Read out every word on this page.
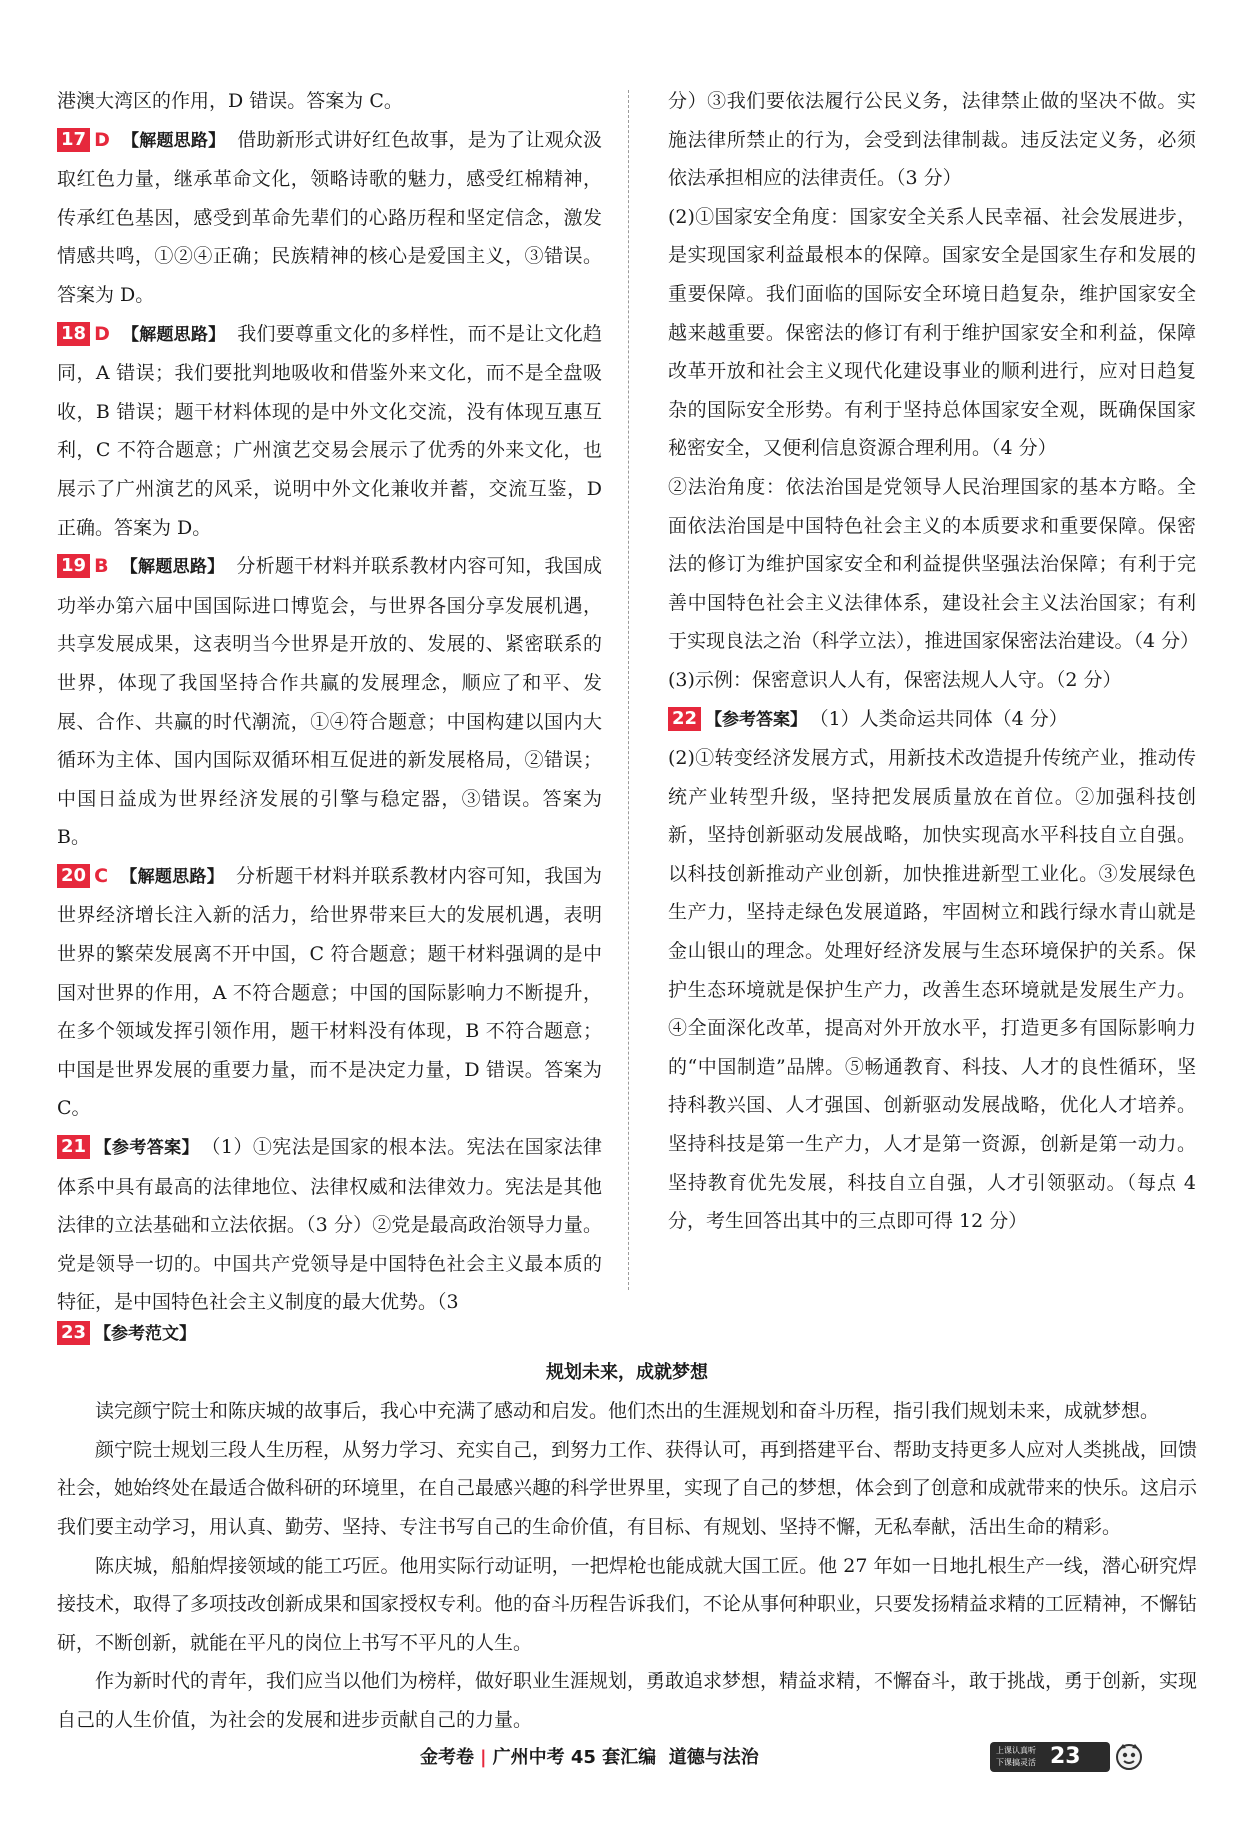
港澳大湾区的作用，D 错误。答案为 C。

17 D 【解题思路】 借助新形式讲好红色故事，是为了让观众汲取红色力量，继承革命文化，领略诗歌的魅力，感受红棉精神，传承红色基因，感受到革命先辈们的心路历程和坚定信念，激发情感共鸣，①②④正确；民族精神的核心是爱国主义，③错误。答案为 D。
18 D 【解题思路】 我们要尊重文化的多样性，而不是让文化趋同，A 错误；我们要批判地吸收和借鉴外来文化，而不是全盘吸收，B 错误；题干材料体现的是中外文化交流，没有体现互惠互利，C 不符合题意；广州演艺交易会展示了优秀的外来文化，也展示了广州演艺的风采，说明中外文化兼收并蓄，交流互鉴，D 正确。答案为 D。
19 B 【解题思路】 分析题干材料并联系教材内容可知，我国成功举办第六届中国国际进口博览会，与世界各国分享发展机遇，共享发展成果，这表明当今世界是开放的、发展的、紧密联系的世界，体现了我国坚持合作共赢的发展理念，顺应了和平、发展、合作、共赢的时代潮流，①④符合题意；中国构建以国内大循环为主体、国内国际双循环相互促进的新发展格局，②错误；中国日益成为世界经济发展的引擎与稳定器，③错误。答案为 B。
20 C 【解题思路】 分析题干材料并联系教材内容可知，我国为世界经济增长注入新的活力，给世界带来巨大的发展机遇，表明世界的繁荣发展离不开中国，C 符合题意；题干材料强调的是中国对世界的作用，A 不符合题意；中国的国际影响力不断提升，在多个领域发挥引领作用，题干材料没有体现，B 不符合题意；中国是世界发展的重要力量，而不是决定力量，D 错误。答案为 C。
21 【参考答案】 （1）①宪法是国家的根本法。宪法在国家法律体系中具有最高的法律地位、法律权威和法律效力。宪法是其他法律的立法基础和立法依据。（3 分）②党是最高政治领导力量。党是领导一切的。中国共产党领导是中国特色社会主义最本质的特征，是中国特色社会主义制度的最大优势。（3

分）③我们要依法履行公民义务，法律禁止做的坚决不做。实施法律所禁止的行为，会受到法律制裁。违反法定义务，必须依法承担相应的法律责任。（3 分）

(2)①国家安全角度：国家安全关系人民幸福、社会发展进步，是实现国家利益最根本的保障。国家安全是国家生存和发展的重要保障。我们面临的国际安全环境日趋复杂，维护国家安全越来越重要。保密法的修订有利于维护国家安全和利益，保障改革开放和社会主义现代化建设事业的顺利进行，应对日趋复杂的国际安全形势。有利于坚持总体国家安全观，既确保国家秘密安全，又便利信息资源合理利用。（4 分）

②法治角度：依法治国是党领导人民治理国家的基本方略。全面依法治国是中国特色社会主义的本质要求和重要保障。保密法的修订为维护国家安全和利益提供坚强法治保障；有利于完善中国特色社会主义法律体系，建设社会主义法治国家；有利于实现良法之治（科学立法），推进国家保密法治建设。（4 分）

(3)示例：保密意识人人有，保密法规人人守。（2 分）

22 【参考答案】 （1）人类命运共同体（4 分）

(2)①转变经济发展方式，用新技术改造提升传统产业，推动传统产业转型升级，坚持把发展质量放在首位。②加强科技创新，坚持创新驱动发展战略，加快实现高水平科技自立自强。以科技创新推动产业创新，加快推进新型工业化。③发展绿色生产力，坚持走绿色发展道路，牢固树立和践行绿水青山就是金山银山的理念。处理好经济发展与生态环境保护的关系。保护生态环境就是保护生产力，改善生态环境就是发展生产力。④全面深化改革，提高对外开放水平，打造更多有国际影响力的“中国制造”品牌。⑤畅通教育、科技、人才的良性循环，坚持科教兴国、人才强国、创新驱动发展战略，优化人才培养。坚持科技是第一生产力，人才是第一资源，创新是第一动力。坚持教育优先发展，科技自立自强，人才引领驱动。（每点 4 分，考生回答出其中的三点即可得 12 分）

23 【参考范文】

规划未来，成就梦想

读完颜宁院士和陈庆城的故事后，我心中充满了感动和启发。他们杰出的生涯规划和奋斗历程，指引我们规划未来，成就梦想。

颜宁院士规划三段人生历程，从努力学习、充实自己，到努力工作、获得认可，再到搭建平台、帮助支持更多人应对人类挑战，回馈社会，她始终处在最适合做科研的环境里，在自己最感兴趣的科学世界里，实现了自己的梦想，体会到了创意和成就带来的快乐。这启示我们要主动学习，用认真、勤劳、坚持、专注书写自己的生命价值，有目标、有规划、坚持不懈，无私奉献，活出生命的精彩。

陈庆城，船舶焊接领域的能工巧匠。他用实际行动证明，一把焊枪也能成就大国工匠。他 27 年如一日地扎根生产一线，潜心研究焊接技术，取得了多项技改创新成果和国家授权专利。他的奋斗历程告诉我们，不论从事何种职业，只要发扬精益求精的工匠精神，不懈钻研，不断创新，就能在平凡的岗位上书写不平凡的人生。

作为新时代的青年，我们应当以他们为榜样，做好职业生涯规划，勇敢追求梦想，精益求精，不懈奋斗，敢于挑战，勇于创新，实现自己的人生价值，为社会的发展和进步贡献自己的力量。

金考卷 | 广州中考 45 套汇编 道德与法治	上课认真听 下课搞灵活 23
